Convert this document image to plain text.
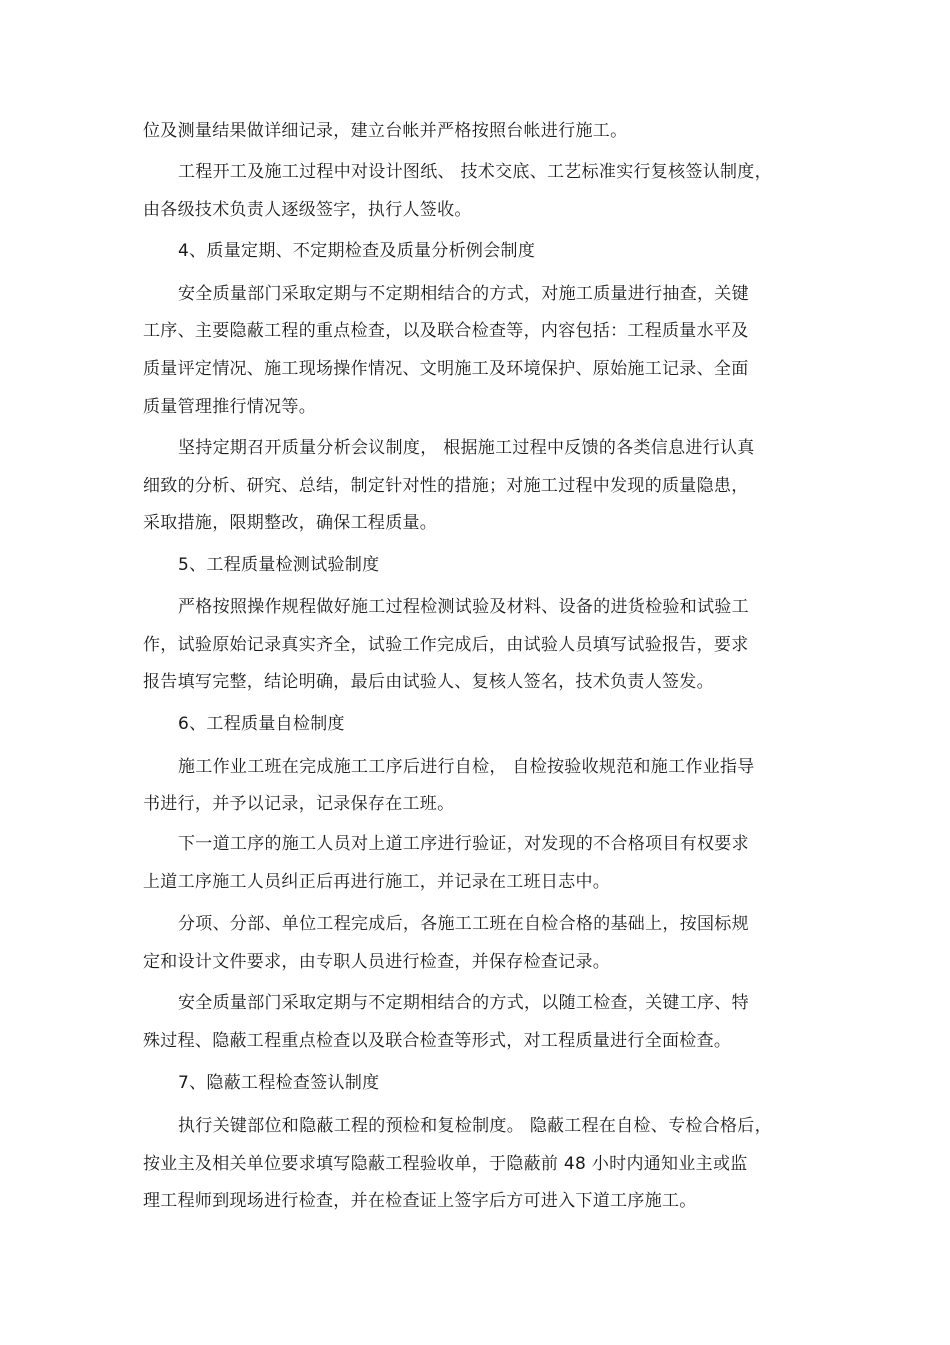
位及测量结果做详细记录，建立台帐并严格按照台帐进行施工。
工程开工及施工过程中对设计图纸、 技术交底、工艺标准实行复核签认制度，
由各级技术负责人逐级签字，执行人签收。
4、质量定期、不定期检查及质量分析例会制度
安全质量部门采取定期与不定期相结合的方式，对施工质量进行抽查，关键
工序、主要隐蔽工程的重点检查，以及联合检查等，内容包括：工程质量水平及
质量评定情况、施工现场操作情况、文明施工及环境保护、原始施工记录、全面
质量管理推行情况等。
坚持定期召开质量分析会议制度， 根据施工过程中反馈的各类信息进行认真
细致的分析、研究、总结，制定针对性的措施；对施工过程中发现的质量隐患，
采取措施，限期整改，确保工程质量。
5、工程质量检测试验制度
严格按照操作规程做好施工过程检测试验及材料、设备的进货检验和试验工
作，试验原始记录真实齐全，试验工作完成后，由试验人员填写试验报告，要求
报告填写完整，结论明确，最后由试验人、复核人签名，技术负责人签发。
6、工程质量自检制度
施工作业工班在完成施工工序后进行自检， 自检按验收规范和施工作业指导
书进行，并予以记录，记录保存在工班。
下一道工序的施工人员对上道工序进行验证，对发现的不合格项目有权要求
上道工序施工人员纠正后再进行施工，并记录在工班日志中。
分项、分部、单位工程完成后，各施工工班在自检合格的基础上，按国标规
定和设计文件要求，由专职人员进行检查，并保存检查记录。
安全质量部门采取定期与不定期相结合的方式，以随工检查，关键工序、特
殊过程、隐蔽工程重点检查以及联合检查等形式，对工程质量进行全面检查。
7、隐蔽工程检查签认制度
执行关键部位和隐蔽工程的预检和复检制度。 隐蔽工程在自检、专检合格后，
按业主及相关单位要求填写隐蔽工程验收单，于隐蔽前 48 小时内通知业主或监
理工程师到现场进行检查，并在检查证上签字后方可进入下道工序施工。
